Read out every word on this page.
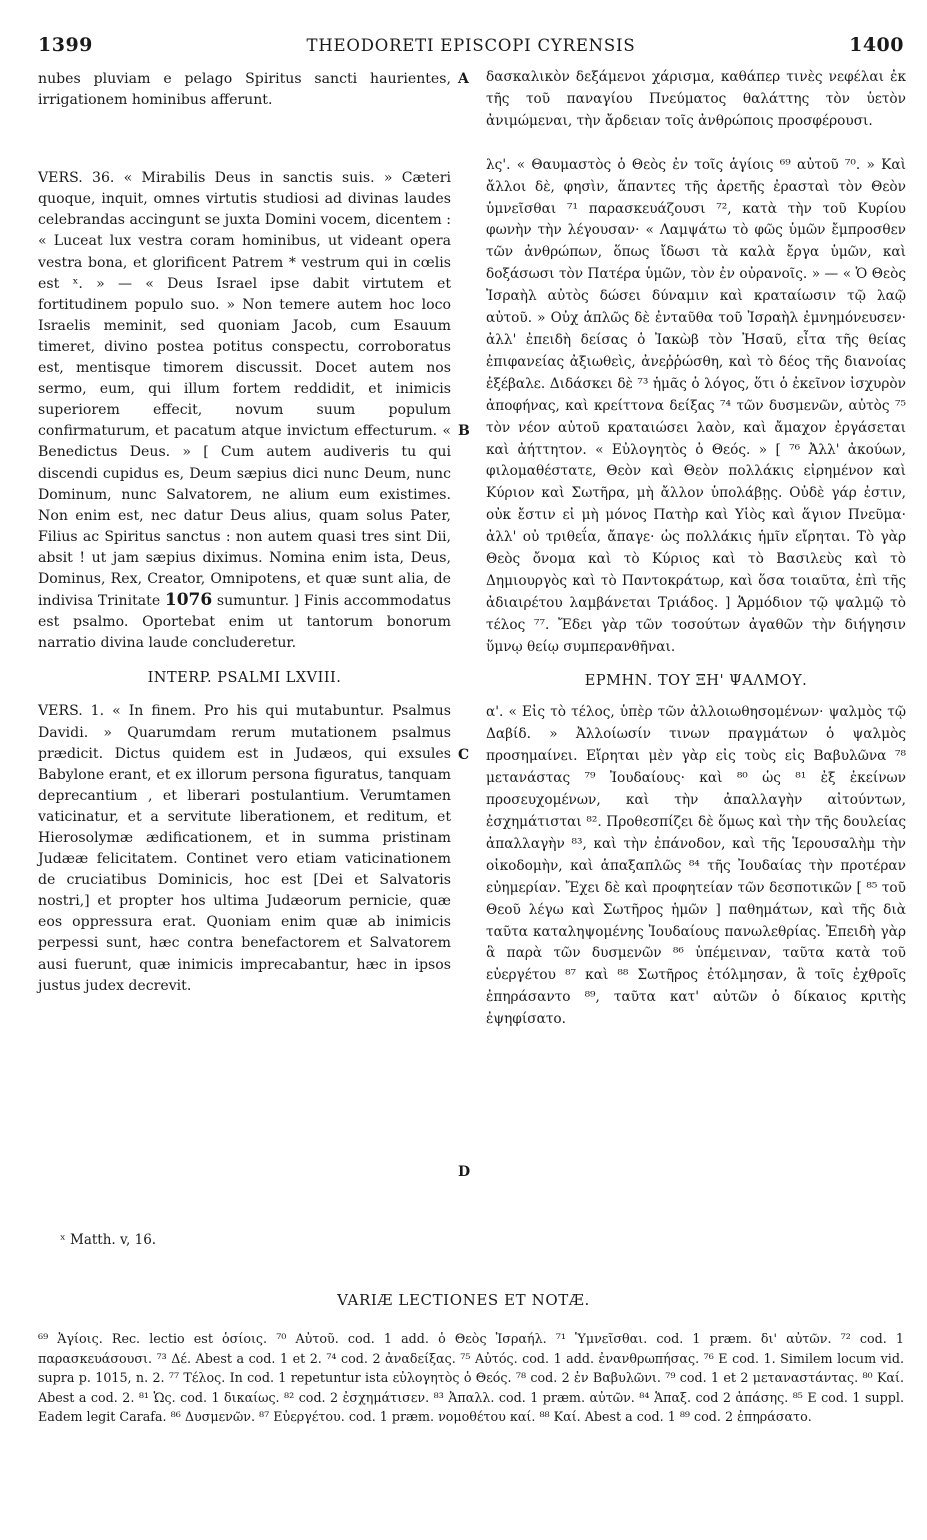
1399	THEODORETI EPISCOPI CYRENSIS	1400

nubes pluviam e pelago Spiritus sancti haurientes, irrigationem hominibus afferunt.

VERS. 36. « Mirabilis Deus in sanctis suis. » Cæteri quoque, inquit, omnes virtutis studiosi ad divinas laudes celebrandas accingunt se juxta Domini vocem, dicentem : « Luceat lux vestra coram hominibus, ut videant opera vestra bona, et glorificent Patrem * vestrum qui in cœlis est ˣ. » — « Deus Israel ipse dabit virtutem et fortitudinem populo suo. » Non temere autem hoc loco Israelis meminit, sed quoniam Jacob, cum Esauum timeret, divino postea potitus conspectu, corroboratus est, mentisque timorem discussit. Docet autem nos sermo, eum, qui illum fortem reddidit, et inimicis superiorem effecit, novum suum populum confirmaturum, et pacatum atque invictum effecturum. « Benedictus Deus. » [ Cum autem audiveris tu qui discendi cupidus es, Deum sæpius dici nunc Deum, nunc Dominum, nunc Salvatorem, ne alium eum existimes. Non enim est, nec datur Deus alius, quam solus Pater, Filius ac Spiritus sanctus : non autem quasi tres sint Dii, absit ! ut jam sæpius diximus. Nomina enim ista, Deus, Dominus, Rex, Creator, Omnipotens, et quæ sunt alia, de indivisa Trinitate 1076 sumuntur. ] Finis accommodatus est psalmo. Oportebat enim ut tantorum bonorum narratio divina laude concluderetur.

INTERP. PSALMI LXVIII.

VERS. 1. « In finem. Pro his qui mutabuntur. Psalmus Davidi. » Quarumdam rerum mutationem psalmus prædicit. Dictus quidem est in Judæos, qui exsules Babylone erant, et ex illorum persona figuratus, tanquam deprecantium , et liberari postulantium. Verumtamen vaticinatur, et a servitute liberationem, et reditum, et Hierosolymæ ædificationem, et in summa pristinam Judææ felicitatem. Continet vero etiam vaticinationem de cruciatibus Dominicis, hoc est [Dei et Salvatoris nostri,] et propter hos ultima Judæorum pernicie, quæ eos oppressura erat. Quoniam enim quæ ab inimicis perpessi sunt, hæc contra benefactorem et Salvatorem ausi fuerunt, quæ inimicis imprecabantur, hæc in ipsos justus judex decrevit.

δασκαλικὸν δεξάμενοι χάρισμα, καθάπερ τινὲς νεφέλαι ἐκ τῆς τοῦ παναγίου Πνεύματος θαλάττης τὸν ὑετὸν ἀνιμώμεναι, τὴν ἄρδειαν τοῖς ἀνθρώποις προσφέρουσι.

λς'. « Θαυμαστὸς ὁ Θεὸς ἐν τοῖς ἁγίοις ⁶⁹ αὐτοῦ ⁷⁰. » Καὶ ἄλλοι δὲ, φησὶν, ἅπαντες τῆς ἀρετῆς ἐρασταὶ τὸν Θεὸν ὑμνεῖσθαι ⁷¹ παρασκευάζουσι ⁷², κατὰ τὴν τοῦ Κυρίου φωνὴν τὴν λέγουσαν· « Λαμψάτω τὸ φῶς ὑμῶν ἔμπροσθεν τῶν ἀνθρώπων, ὅπως ἴδωσι τὰ καλὰ ἔργα ὑμῶν, καὶ δοξάσωσι τὸν Πατέρα ὑμῶν, τὸν ἐν οὐρανοῖς. » — « Ὁ Θεὸς Ἰσραὴλ αὐτὸς δώσει δύναμιν καὶ κραταίωσιν τῷ λαῷ αὐτοῦ. » Οὐχ ἁπλῶς δὲ ἐνταῦθα τοῦ Ἰσραὴλ ἐμνημόνευσεν· ἀλλ' ἐπειδὴ δείσας ὁ Ἰακὼβ τὸν Ἠσαῦ, εἶτα τῆς θείας ἐπιφανείας ἀξιωθεὶς, ἀνεῤῥώσθη, καὶ τὸ δέος τῆς διανοίας ἐξέβαλε. Διδάσκει δὲ ⁷³ ἡμᾶς ὁ λόγος, ὅτι ὁ ἐκεῖνον ἰσχυρὸν ἀποφήνας, καὶ κρείττονα δείξας ⁷⁴ τῶν δυσμενῶν, αὐτὸς ⁷⁵ τὸν νέον αὐτοῦ κραταιώσει λαὸν, καὶ ἄμαχον ἐργάσεται καὶ ἀήττητον. « Εὐλογητὸς ὁ Θεός. » [ ⁷⁶ Ἀλλ' ἀκούων, φιλομαθέστατε, Θεὸν καὶ Θεὸν πολλάκις εἰρημένον καὶ Κύριον καὶ Σωτῆρα, μὴ ἄλλον ὑπολάβῃς. Οὐδὲ γάρ ἐστιν, οὐκ ἔστιν εἰ μὴ μόνος Πατὴρ καὶ Υἱὸς καὶ ἅγιον Πνεῦμα· ἀλλ' οὐ τριθεΐα, ἄπαγε· ὡς πολλάκις ἡμῖν εἴρηται. Τὸ γὰρ Θεὸς ὄνομα καὶ τὸ Κύριος καὶ τὸ Βασιλεὺς καὶ τὸ Δημιουργὸς καὶ τὸ Παντοκράτωρ, καὶ ὅσα τοιαῦτα, ἐπὶ τῆς ἀδιαιρέτου λαμβάνεται Τριάδος. ] Ἁρμόδιον τῷ ψαλμῷ τὸ τέλος ⁷⁷. Ἔδει γὰρ τῶν τοσούτων ἀγαθῶν τὴν διήγησιν ὕμνῳ θείῳ συμπερανθῆναι.

ΕΡΜΗΝ. ΤΟΥ ΞΗ' ΨΑΛΜΟΥ.

α'. « Εἰς τὸ τέλος, ὑπὲρ τῶν ἀλλοιωθησομένων· ψαλμὸς τῷ Δαβίδ. » Ἀλλοίωσίν τινων πραγμάτων ὁ ψαλμὸς προσημαίνει. Εἴρηται μὲν γὰρ εἰς τοὺς εἰς Βαβυλῶνα ⁷⁸ μετανάστας ⁷⁹ Ἰουδαίους· καὶ ⁸⁰ ὡς ⁸¹ ἐξ ἐκείνων προσευχομένων, καὶ τὴν ἀπαλλαγὴν αἰτούντων, ἐσχημάτισται ⁸². Προθεσπίζει δὲ ὅμως καὶ τὴν τῆς δουλείας ἀπαλλαγὴν ⁸³, καὶ τὴν ἐπάνοδον, καὶ τῆς Ἱερουσαλὴμ τὴν οἰκοδομὴν, καὶ ἁπαξαπλῶς ⁸⁴ τῆς Ἰουδαίας τὴν προτέραν εὐημερίαν. Ἔχει δὲ καὶ προφητείαν τῶν δεσποτικῶν [ ⁸⁵ τοῦ Θεοῦ λέγω καὶ Σωτῆρος ἡμῶν ] παθημάτων, καὶ τῆς διὰ ταῦτα καταληψομένης Ἰουδαίους πανωλεθρίας. Ἐπειδὴ γὰρ ἃ παρὰ τῶν δυσμενῶν ⁸⁶ ὑπέμειναν, ταῦτα κατὰ τοῦ εὐεργέτου ⁸⁷ καὶ ⁸⁸ Σωτῆρος ἐτόλμησαν, ἃ τοῖς ἐχθροῖς ἐπηράσαντο ⁸⁹, ταῦτα κατ' αὐτῶν ὁ δίκαιος κριτὴς ἐψηφίσατο.

A
B
C
D
ˣ Matth. v, 16.
VARIÆ LECTIONES ET NOTÆ.

⁶⁹ Ἁγίοις. Rec. lectio est ὁσίοις. ⁷⁰ Αὐτοῦ. cod. 1 add. ὁ Θεὸς Ἰσραήλ. ⁷¹ Ὑμνεῖσθαι. cod. 1 præm. δι' αὐτῶν. ⁷² cod. 1 παρασκευάσουσι. ⁷³ Δέ. Abest a cod. 1 et 2. ⁷⁴ cod. 2 ἀναδείξας. ⁷⁵ Αὐτός. cod. 1 add. ἐνανθρωπήσας. ⁷⁶ E cod. 1. Similem locum vid. supra p. 1015, n. 2. ⁷⁷ Τέλος. In cod. 1 repetuntur ista εὐλογητὸς ὁ Θεός. ⁷⁸ cod. 2 ἐν Βαβυλῶνι. ⁷⁹ cod. 1 et 2 μεταναστάντας. ⁸⁰ Καί. Abest a cod. 2. ⁸¹ Ὡς. cod. 1 δικαίως. ⁸² cod. 2 ἐσχημάτισεν. ⁸³ Ἀπαλλ. cod. 1 præm. αὐτῶν. ⁸⁴ Ἁπαξ. cod 2 ἁπάσης. ⁸⁵ E cod. 1 suppl. Eadem legit Carafa. ⁸⁶ Δυσμενῶν. ⁸⁷ Εὐεργέτου. cod. 1 præm. νομοθέτου καί. ⁸⁸ Καί. Abest a cod. 1 ⁸⁹ cod. 2 ἐπηράσατο.
